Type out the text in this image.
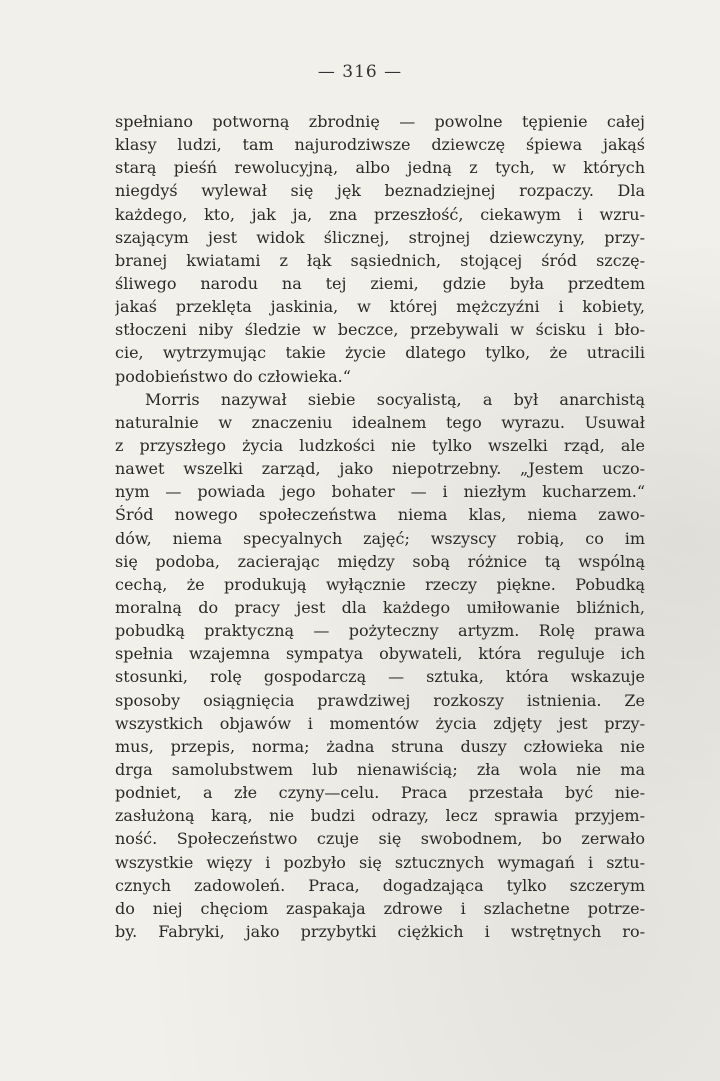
— 316 —
spełniano potworną zbrodnię — powolne tępienie całej
klasy ludzi, tam najurodziwsze dziewczę śpiewa jakąś
starą pieśń rewolucyjną, albo jedną z tych, w których
niegdyś wylewał się jęk beznadziejnej rozpaczy. Dla
każdego, kto, jak ja, zna przeszłość, ciekawym i wzru-
szającym jest widok ślicznej, strojnej dziewczyny, przy-
branej kwiatami z łąk sąsiednich, stojącej śród szczę-
śliwego narodu na tej ziemi, gdzie była przedtem
jakaś przeklęta jaskinia, w której mężczyźni i kobiety,
stłoczeni niby śledzie w beczce, przebywali w ścisku i bło-
cie, wytrzymując takie życie dlatego tylko, że utracili
podobieństwo do człowieka.“
Morris nazywał siebie socyalistą, a był anarchistą
naturalnie w znaczeniu idealnem tego wyrazu. Usuwał
z przyszłego życia ludzkości nie tylko wszelki rząd, ale
nawet wszelki zarząd, jako niepotrzebny. „Jestem uczo-
nym — powiada jego bohater — i niezłym kucharzem.“
Śród nowego społeczeństwa niema klas, niema zawo-
dów, niema specyalnych zajęć; wszyscy robią, co im
się podoba, zacierając między sobą różnice tą wspólną
cechą, że produkują wyłącznie rzeczy piękne. Pobudką
moralną do pracy jest dla każdego umiłowanie bliźnich,
pobudką praktyczną — pożyteczny artyzm. Rolę prawa
spełnia wzajemna sympatya obywateli, która reguluje ich
stosunki, rolę gospodarczą — sztuka, która wskazuje
sposoby osiągnięcia prawdziwej rozkoszy istnienia. Ze
wszystkich objawów i momentów życia zdjęty jest przy-
mus, przepis, norma; żadna struna duszy człowieka nie
drga samolubstwem lub nienawiścią; zła wola nie ma
podniet, a złe czyny—celu. Praca przestała być nie-
zasłużoną karą, nie budzi odrazy, lecz sprawia przyjem-
ność. Społeczeństwo czuje się swobodnem, bo zerwało
wszystkie więzy i pozbyło się sztucznych wymagań i sztu-
cznych zadowoleń. Praca, dogadzająca tylko szczerym
do niej chęciom zaspakaja zdrowe i szlachetne potrze-
by. Fabryki, jako przybytki ciężkich i wstrętnych ro-
